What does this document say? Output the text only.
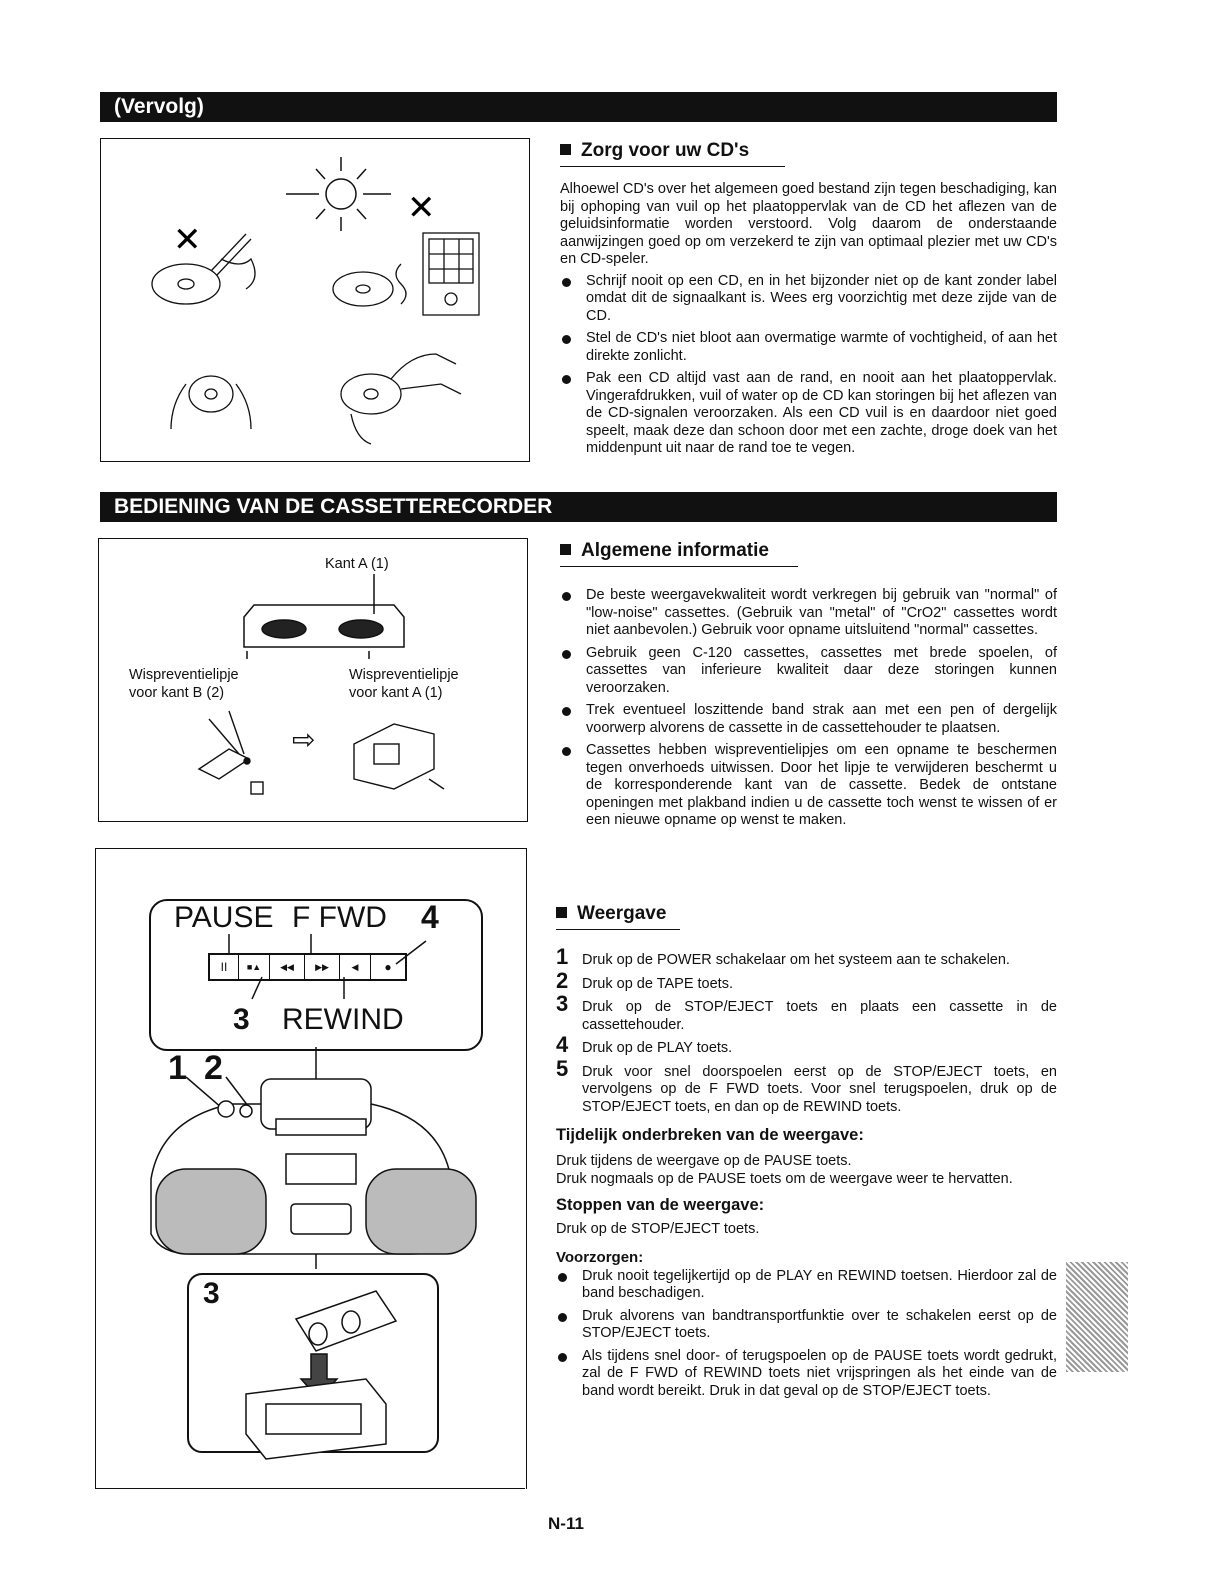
(Vervolg)
✕
✕
Zorg voor uw CD's
Alhoewel CD's over het algemeen goed bestand zijn tegen beschadiging, kan bij ophoping van vuil op het plaatoppervlak van de CD het aflezen van de geluidsinformatie worden verstoord. Volg daarom de onderstaande aanwijzingen goed op om verzekerd te zijn van optimaal plezier met uw CD's en CD-speler.
Schrijf nooit op een CD, en in het bijzonder niet op de kant zonder label omdat dit de signaalkant is. Wees erg voorzichtig met deze zijde van de CD.
Stel de CD's niet bloot aan overmatige warmte of vochtigheid, of aan het direkte zonlicht.
Pak een CD altijd vast aan de rand, en nooit aan het plaatoppervlak. Vingerafdrukken, vuil of water op de CD kan storingen bij het aflezen van de CD-signalen veroorzaken. Als een CD vuil is en daardoor niet goed speelt, maak deze dan schoon door met een zachte, droge doek van het middenpunt uit naar de rand toe te vegen.
BEDIENING VAN DE CASSETTERECORDER
Kant A (1)
Wispreventielipje
voor kant B (2)
Wispreventielipje
voor kant A (1)
⇨
PAUSE F FWD 4
3 REWIND
II	■▲	◀◀	▶▶	◀	●
1 2
3
Algemene informatie
De beste weergavekwaliteit wordt verkregen bij gebruik van "normal" of "low-noise" cassettes. (Gebruik van "metal" of "CrO2" cassettes wordt niet aanbevolen.) Gebruik voor opname uitsluitend "normal" cassettes.
Gebruik geen C-120 cassettes, cassettes met brede spoelen, of cassettes van inferieure kwaliteit daar deze storingen kunnen veroorzaken.
Trek eventueel loszittende band strak aan met een pen of dergelijk voorwerp alvorens de cassette in de cassettehouder te plaatsen.
Cassettes hebben wispreventielipjes om een opname te beschermen tegen onverhoeds uitwissen. Door het lipje te verwijderen beschermt u de korresponderende kant van de cassette. Bedek de ontstane openingen met plakband indien u de cassette toch wenst te wissen of er een nieuwe opname op wenst te maken.
Weergave
1 Druk op de POWER schakelaar om het systeem aan te schakelen.
2 Druk op de TAPE toets.
3 Druk op de STOP/EJECT toets en plaats een cassette in de cassettehouder.
4 Druk op de PLAY toets.
5 Druk voor snel doorspoelen eerst op de STOP/EJECT toets, en vervolgens op de F FWD toets. Voor snel terugspoelen, druk op de STOP/EJECT toets, en dan op de REWIND toets.
Tijdelijk onderbreken van de weergave:
Druk tijdens de weergave op de PAUSE toets.
Druk nogmaals op de PAUSE toets om de weergave weer te hervatten.
Stoppen van de weergave:
Druk op de STOP/EJECT toets.
Voorzorgen:
Druk nooit tegelijkertijd op de PLAY en REWIND toetsen. Hierdoor zal de band beschadigen.
Druk alvorens van bandtransportfunktie over te schakelen eerst op de STOP/EJECT toets.
Als tijdens snel door- of terugspoelen op de PAUSE toets wordt gedrukt, zal de F FWD of REWIND toets niet vrijspringen als het einde van de band wordt bereikt. Druk in dat geval op de STOP/EJECT toets.
N-11
